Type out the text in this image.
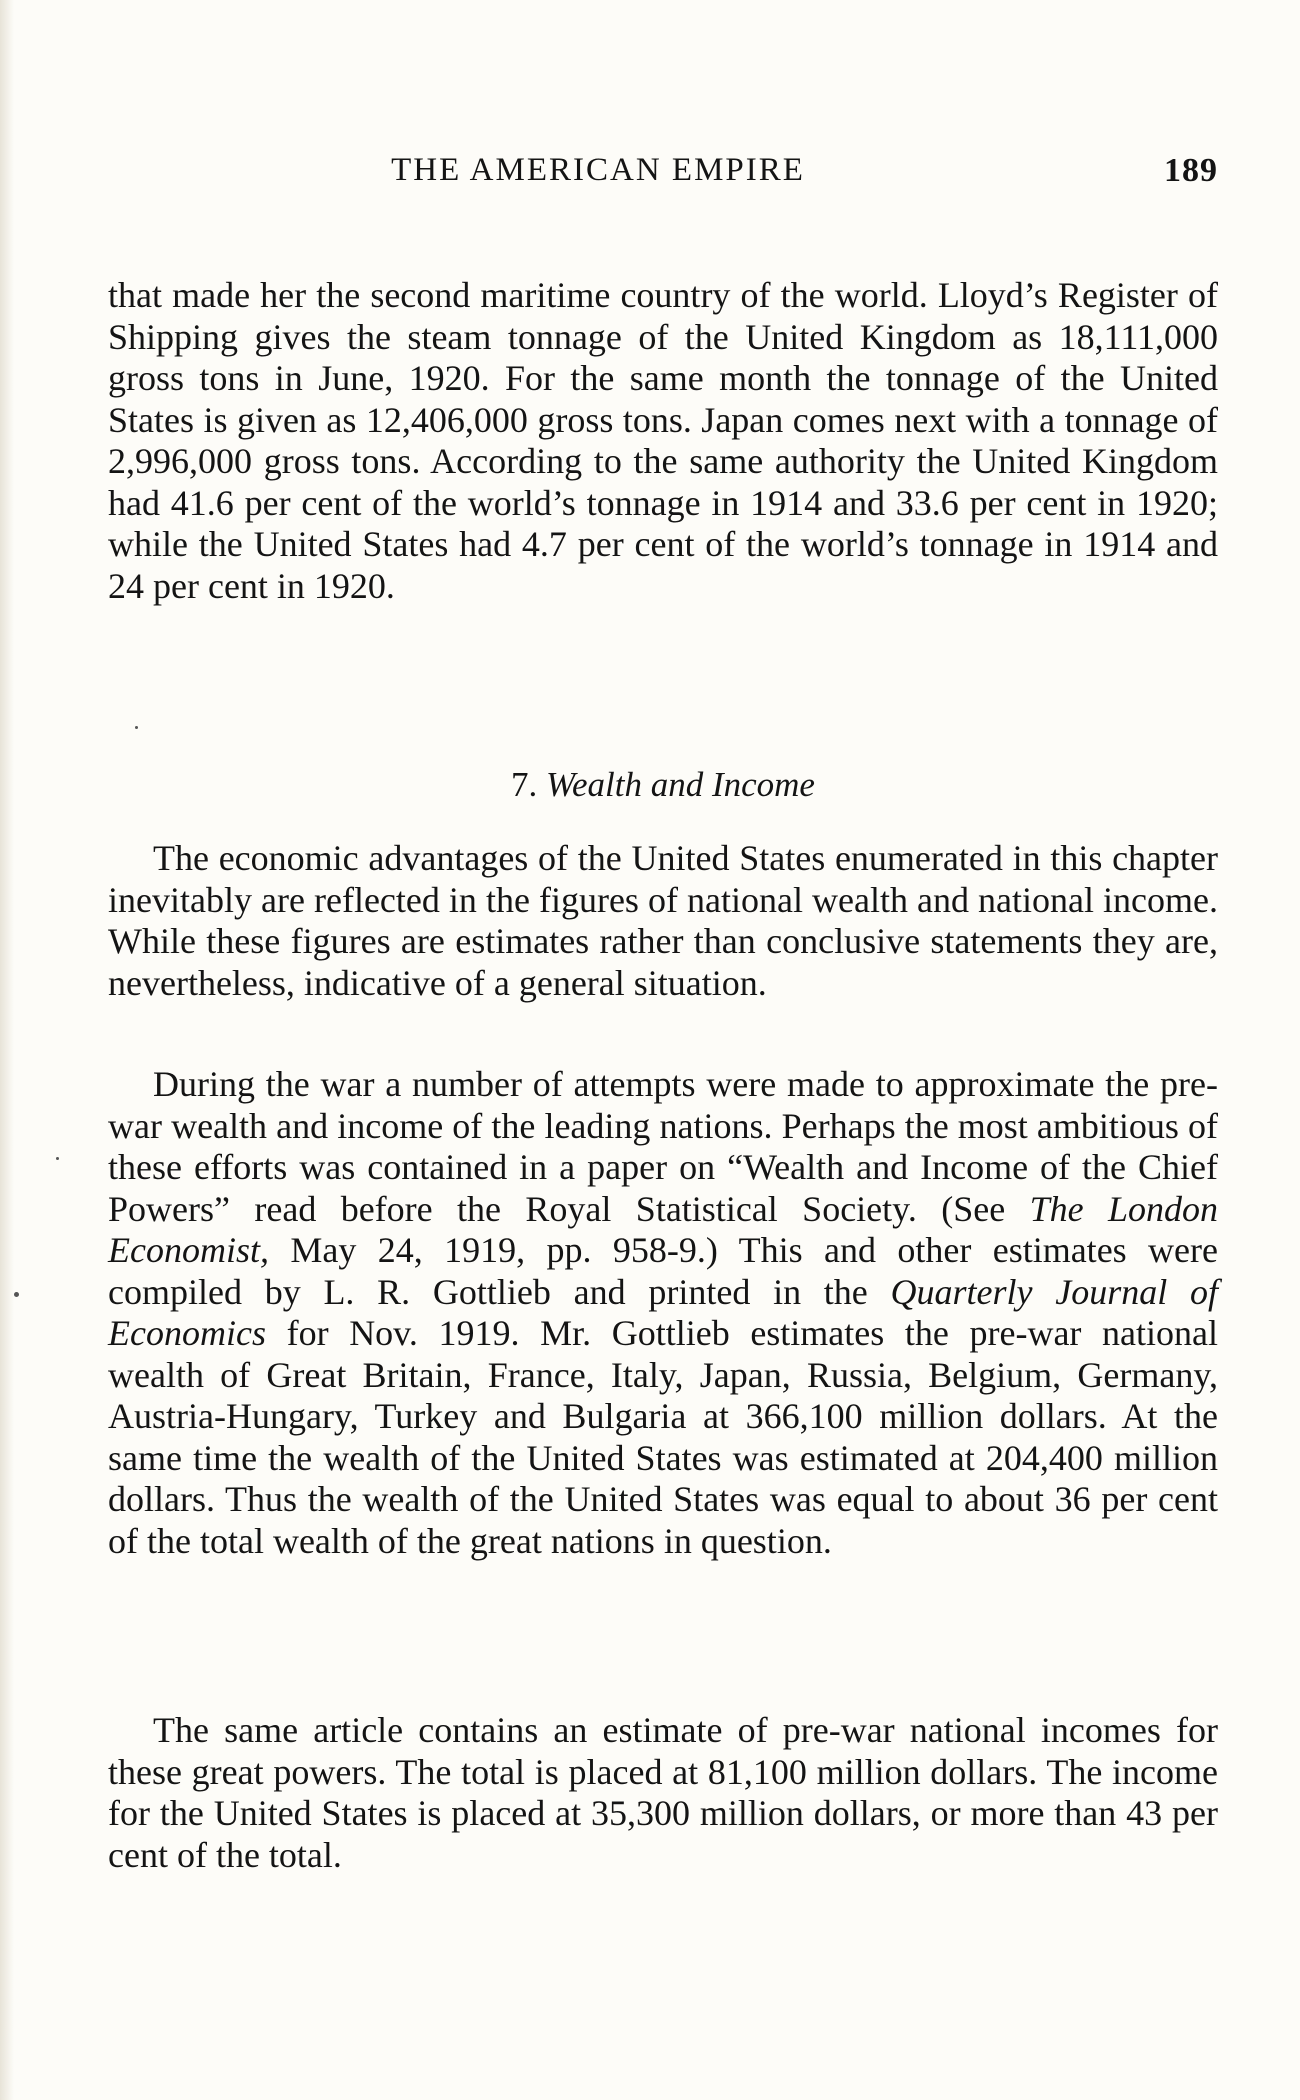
THE AMERICAN EMPIRE	189

that made her the second maritime country of the world. Lloyd’s Register of Shipping gives the steam tonnage of the United Kingdom as 18,111,000 gross tons in June, 1920. For the same month the tonnage of the United States is given as 12,406,000 gross tons. Japan comes next with a tonnage of 2,996,000 gross tons. According to the same authority the United Kingdom had 41.6 per cent of the world’s tonnage in 1914 and 33.6 per cent in 1920; while the United States had 4.7 per cent of the world’s tonnage in 1914 and 24 per cent in 1920.

7. Wealth and Income

The economic advantages of the United States enumerated in this chapter inevitably are reflected in the figures of national wealth and national income. While these figures are estimates rather than conclusive statements they are, nevertheless, indicative of a general situation.

During the war a number of attempts were made to approximate the pre-war wealth and income of the leading nations. Perhaps the most ambitious of these efforts was contained in a paper on “Wealth and Income of the Chief Powers” read before the Royal Statistical Society. (See The London Economist, May 24, 1919, pp. 958-9.) This and other estimates were compiled by L. R. Gottlieb and printed in the Quarterly Journal of Economics for Nov. 1919. Mr. Gottlieb estimates the pre-war national wealth of Great Britain, France, Italy, Japan, Russia, Belgium, Germany, Austria-Hungary, Turkey and Bulgaria at 366,100 million dollars. At the same time the wealth of the United States was estimated at 204,400 million dollars. Thus the wealth of the United States was equal to about 36 per cent of the total wealth of the great nations in question.

The same article contains an estimate of pre-war national incomes for these great powers. The total is placed at 81,100 million dollars. The income for the United States is placed at 35,300 million dollars, or more than 43 per cent of the total.
